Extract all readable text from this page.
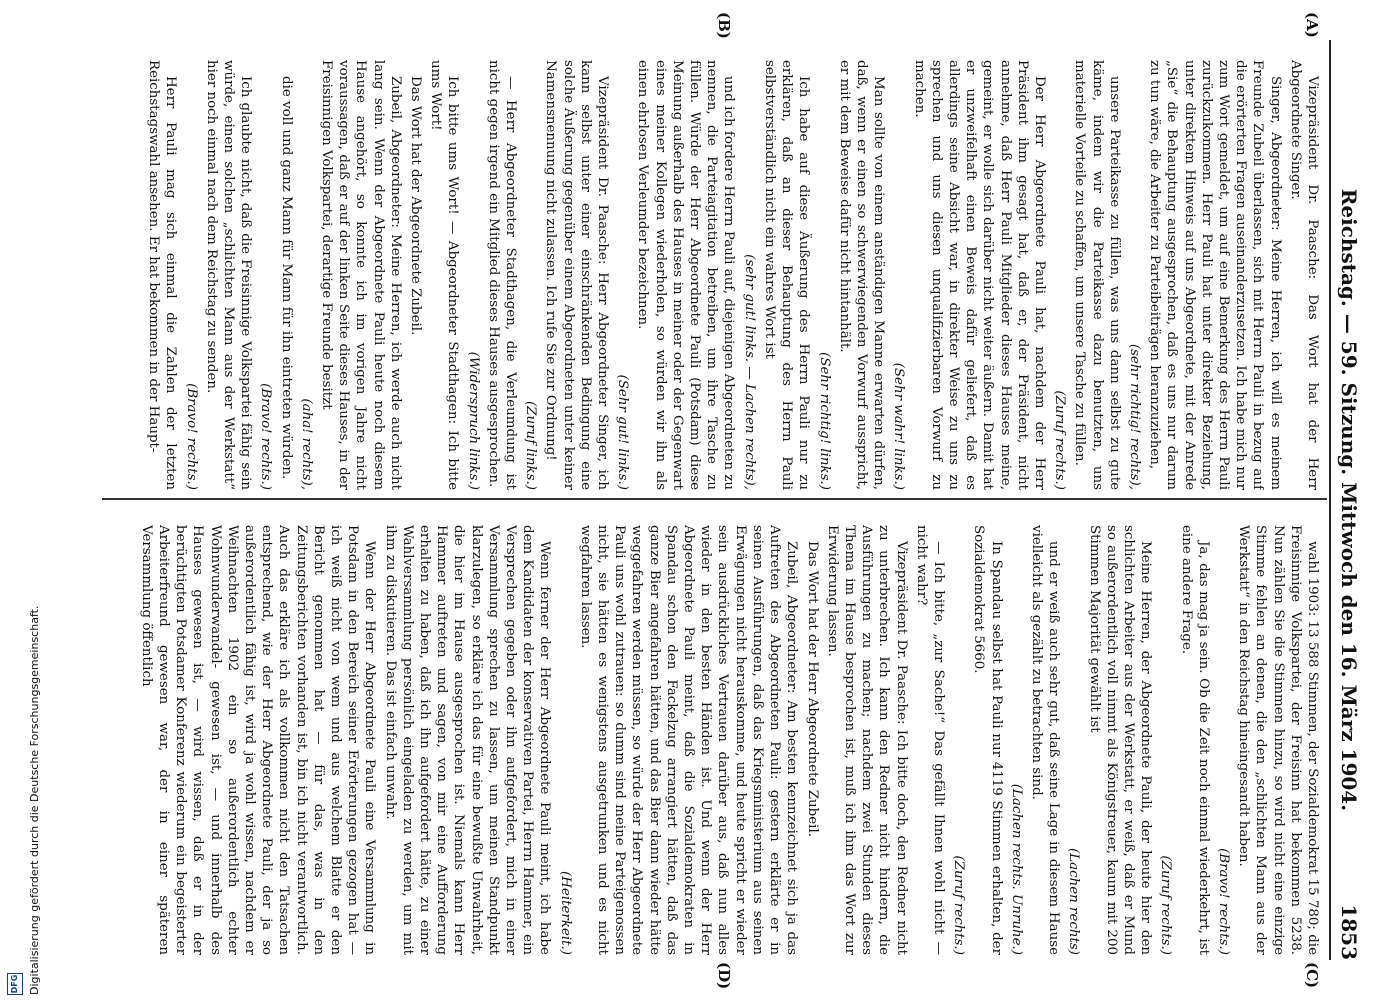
Reichstag. — 59. Sitzung. Mittwoch den 16. März 1904.
1853
(A)
(B)
(C)
(D)

Vizepräsident Dr. Paasche: Das Wort hat der Herr Abgeordnete Singer.

Singer, Abgeordneter: Meine Herren, ich will es meinem Freunde Zubeil überlassen, sich mit Herrn Pauli in bezug auf die erörterten Fragen auseinanderzusetzen. Ich habe mich nur zum Wort gemeldet, um auf eine Bemerkung des Herrn Pauli zurückzukommen. Herr Pauli hat unter direkter Beziehung, unter direktem Hinweis auf uns Abgeordnete, mit der Anrede „Sie“ die Behauptung ausgesprochen, daß es uns nur darum zu tun wäre, die Arbeiter zu Parteibeiträgen heranzuziehen,

(sehr richtig! rechts),

unsere Parteikasse zu füllen, was uns dann selbst zu gute käme, indem wir die Parteikasse dazu benutzten, uns materielle Vorteile zu schaffen, um unsere Tasche zu füllen.

(Zuruf rechts.)

Der Herr Abgeordnete Pauli hat, nachdem der Herr Präsident ihm gesagt hat, daß er, der Präsident, nicht annehme, daß Herr Pauli Mitglieder dieses Hauses meine, gemeint, er wolle sich darüber nicht weiter äußern. Damit hat er unzweifelhaft einen Beweis dafür geliefert, daß es allerdings seine Absicht war, in direkter Weise zu uns zu sprechen und uns diesen unqualifizierbaren Vorwurf zu machen.

(Sehr wahr! links.)

Man sollte von einem anständigen Manne erwarten dürfen, daß, wenn er einen so schwerwiegenden Vorwurf ausspricht, er mit dem Beweise dafür nicht hintanhält.

(Sehr richtig! links.)

Ich habe auf diese Äußerung des Herrn Pauli nur zu erklären, daß an dieser Behauptung des Herrn Pauli selbstverständlich nicht ein wahres Wort ist

(sehr gut! links. — Lachen rechts),

und ich fordere Herrn Pauli auf, diejenigen Abgeordneten zu nennen, die Parteiagitation betreiben, um ihre Tasche zu füllen. Würde der Herr Abgeordnete Pauli (Potsdam) diese Meinung außerhalb des Hauses in meiner oder der Gegenwart eines meiner Kollegen wiederholen, so würden wir ihn als einen ehrlosen Verleumder bezeichnen.

(Sehr gut! links.)

Vizepräsident Dr. Paasche: Herr Abgeordneter Singer, ich kann selbst unter einer einschränkenden Bedingung eine solche Äußerung gegenüber einem Abgeordneten unter keiner Namensnennung nicht zulassen. Ich rufe Sie zur Ordnung!

(Zuruf links.)

— Herr Abgeordneter Stadthagen, die Verleumdung ist nicht gegen irgend ein Mitglied dieses Hauses ausgesprochen.

(Widerspruch links.)

Ich bitte ums Wort! — Abgeordneter Stadthagen: Ich bitte ums Wort!

Das Wort hat der Abgeordnete Zubeil.

Zubeil, Abgeordneter: Meine Herren, ich werde auch nicht lang sein. Wenn der Abgeordnete Pauli heute noch diesem Hause angehört, so konnte ich im vorigen Jahre nicht voraussagen, daß er auf der linken Seite dieses Hauses, in der Freisinnigen Volkspartei, derartige Freunde besitzt

(aha! rechts),

die voll und ganz Mann für Mann für ihn eintreten würden.

(Bravo! rechts.)

Ich glaubte nicht, daß die Freisinnige Volkspartei fähig sein würde, einen solchen „schlichten Mann aus der Werkstatt“ hier noch einmal nach dem Reichstag zu senden.

(Bravo! rechts.)

Herr Pauli mag sich einmal die Zahlen der letzten Reichstagswahl ansehen. Er hat bekommen in der Haupt-

wahl 1903: 13 588 Stimmen, der Sozialdemokrat 15 780; die Freisinnige Volkspartei, der Freisinn hat bekommen 5238. Nun zählen Sie die Stimmen hinzu, so wird nicht eine einzige Stimme fehlen an denen, die den „schlichten Mann aus der Werkstatt“ in den Reichstag hineingesandt haben.

(Bravo! rechts.)

Ja, das mag ja sein. Ob die Zeit noch einmal wiederkehrt, ist eine andere Frage.

(Zuruf rechts.)

Meine Herren, der Abgeordnete Pauli, der heute hier den schlichten Arbeiter aus der Werkstatt, er weiß, daß er Mund so außerordentlich voll nimmt als Königstreuer, kaum mit 200 Stimmen Majorität gewählt ist

(Lachen rechts)

und er weiß auch sehr gut, daß seine Lage in diesem Hause vielleicht als gezählt zu betrachten sind.

(Lachen rechts. Unruhe.)

In Spandau selbst hat Pauli nur 4119 Stimmen erhalten, der Sozialdemokrat 5660.

(Zuruf rechts.)

— Ich bitte, „zur Sache!“ Das gefällt Ihnen wohl nicht — nicht wahr?

Vizepräsident Dr. Paasche: Ich bitte doch, den Redner nicht zu unterbrechen. Ich kann den Redner nicht hindern, die Ausführungen zu machen; nachdem zwei Stunden dieses Thema im Hause besprochen ist, muß ich ihm das Wort zur Erwiderung lassen.

Das Wort hat der Herr Abgeordnete Zubeil.

Zubeil, Abgeordneter: Am besten kennzeichnet sich ja das Auftreten des Abgeordneten Pauli: gestern erklärte er in seinen Ausführungen, daß das Kriegsministerium aus seinen Erwägungen nicht herauskomme, und heute spricht er wieder sein ausdrückliches Vertrauen darüber aus, daß nun alles wieder in den besten Händen ist. Und wenn der Herr Abgeordnete Pauli meint, daß die Sozialdemokraten in Spandau schon den Fackelzug arrangiert hätten, daß das ganze Bier angefahren hätten, und das Bier dann wieder hätte weggefahren werden müssen, so würde der Herr Abgeordnete Pauli uns wohl zutrauen: so dumm sind meine Parteigenossen nicht, sie hätten es wenigstens ausgetrunken und es nicht wegfahren lassen.

(Heiterkeit.)

Wenn ferner der Herr Abgeordnete Pauli meint, ich habe dem Kandidaten der konservativen Partei, Herrn Hammer, ein Versprechen gegeben oder ihn aufgefordert, mich in einer Versammlung sprechen zu lassen, um meinen Standpunkt klarzulegen, so erkläre ich das für eine bewußte Unwahrheit, die hier im Hause ausgesprochen ist. Niemals kann Herr Hammer auftreten und sagen, von mir eine Aufforderung erhalten zu haben, daß ich ihn aufgefordert hätte, zu einer Wahlversammlung persönlich eingeladen zu werden, um mit ihm zu diskutieren. Das ist einfach unwahr.

Wenn der Herr Abgeordnete Pauli eine Versammlung in Potsdam in den Bereich seiner Erörterungen gezogen hat — ich weiß nicht von wem und aus welchem Blatte er den Bericht genommen hat — für das, was in den Zeitungsberichten vorhanden ist, bin ich nicht verantwortlich. Auch das erkläre ich als vollkommen nicht den Tatsachen entsprechend, wie der Herr Abgeordnete Pauli, der ja so außerordentlich fähig ist, wird ja wohl wissen, nachdem er Weihnachten 1902 ein so außerordentlich echter Wohnwunderwandel- gewesen ist, — und innerhalb des Hauses gewesen ist, — wird wissen, daß er in der berüchtigten Potsdamer Konferenz wiederum ein begeisterter Arbeiterfreund gewesen war, der in einer späteren Versammlung öffentlich

DFG Digitalisierung gefördert durch die Deutsche Forschungsgemeinschaft.
